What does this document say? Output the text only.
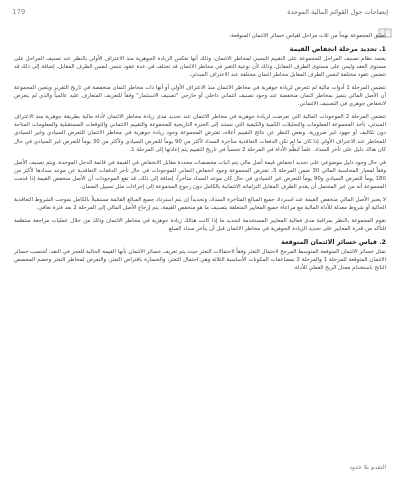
179	إيضاحات حول القوائم المالية الموحدة

تطبق المجموعة نهجاً من ثلاث مراحل لقياس خسائر الائتمان المتوقعة:

1. تحديد مرحلة انخفاض القيمة

يعتمد نظام تصنيف المراحل للمجموعة على التقييم النسبي لمخاطر الائتمان، وذلك أنها تعكس الزيادة الجوهرية منذ الاعتراف الأولي بالنظر عند تصنيف المراحل على مستوى العقد وليس على مستوى الطرف المقابل، وذلك لأن نوعية التغير في مخاطر الائتمان قد تختلف في عدة عقود تنتمي لنفس الطرف المقابل، إضافة إلى ذلك قد تتضمن عقود مختلفة لنفس الطرف المقابل مخاطر ائتمان مختلفة عند الاعتراف المبدئي.

تتضمن المرحلة 1 أدوات مالية لم تتعرض لزيادة جوهرية في مخاطر الائتمان منذ الاعتراف الأولي أو أنها ذات مخاطر ائتمان منخفضة في تاريخ التقرير ويتعين المجموعة أن الأصل المالي يتميز بمخاطر ائتمان منخفضة عند وجود تصنيف ائتماني داخلي أو خارجي "تصنيف الاستثمار" وفقاً للتعريف المتعارف عليه عالمياً والذي لم يتعرض لانخفاض جوهري في التصنيف الائتماني.

تتضمن المرحلة 2 الموجودات المالية التي تعرضت لزيادة جوهرية في مخاطر الائتمان عند تحديد مدى زيادة مخاطر الائتمان لأداة مالية بطريقة جوهرية منذ الاعتراف المبدئي، تأخذ المجموعة المعلومات والتحليلات الكمية والكيفية التي تستند إلى الخبرة التاريخية للمجموعة والتقييم الائتماني والتوقعات المستقبلية والمعلومات المتاحة دون تكاليف أو جهود غير ضرورية. وبغض النظر عن نتائج التقييم أعلاه، تفترض المجموعة وجود زيادة جوهرية في مخاطر الائتمان للتعرض السيادي وغير السيادي للمخاطر عند الاعتراف الأولي إذا كان ما لم تكن الدفعات التعاقدية متأخرة السداد لأكثر من 90 يوماً للتعرض السيادي ولأكثر من 30 يوماً للتعرض غير السيادي في حال كان هناك دليل على تأخر السداد. علماً تُنظَّم الأداة في المرحلة 2 تحسباً في تاريخ التقييم يتم إعادتها إلى المرحلة 1.

في حال وجود دليل موضوعي على تحديد انخفاض قيمة أصل مالي يتم اثبات مخصصات محددة مقابل الانخفاض في القيمة في قائمة الدخل الموحدة، ويتم تصنيف الأصل وفقاً لمعيار المحاسبة المالي 30 ضمن المرحلة 3، تفترض المجموعة وجود انخفاض ائتماني للموجودات في حال تأخر الدفعات التعاقدية عن موعد سدادها لأكثر من 180 يوماً للتعرض السيادي و90 يوماً للتعرض غير السيادي في حال كان موعد السداد متأخراً، إضافة إلى ذلك، قد تقع الموجودات أن الأصل منخفض القيمة إذا قدمت المجموعة أنه من غير المحتمل أن يقدم الطرف المقابل التزاماته الائتمانية بالكامل دون رجوع المجموعة إلى إجراءات مثل تسييل الضمان.

لا يعتبر الأصل المالي منخفض القيمة عند استرداد جميع المبالغ المتأخرة السداد، وتحديداً إن يتم استرداد جميع المبالغ القائمة مستقبلاً بالكامل بموجب الشروط التعاقدية الحالية أو شروط معدلة للأداة المالية مع مراعاة جميع المعايير المتعلقة بتصنيف ما هو منخفض القيمة، يتم إرجاع الأصل المالي إلى المرحلة 2 بعد فترة تعافي.

تقوم المجموعة بالنظر بمراقبة مدى فعالية المعايير المستخدمة لتحديد ما إذا كانت هنالك زيادة جوهرية في مخاطر الائتمان وذلك من خلال عمليات مراجعة منتظمة للتأكد من قدرة المعايير على تحديد الزيادة الجوهرية في مخاطر الائتمان قبل أن يتأخر سداد المبلغ.

2. قياس خسائر الائتمان المتوقعة

تمثل خسائر الائتمان المتوقعة المتوسط المرجح لاحتمال التعثر وفقاً لاحتمالات التعثر حيث يتم تعريف خسائر الائتمان بأنها القيمة الحالية للعجز في النقد. تُحتسب خسائر الائتمان المتوقعة للمرحلة 1 والمرحلة 2 بمضاعفات المكونات الأساسية الثلاثة وهي احتمال التعثر، والخسارة بافتراض التعثر، والتعرض لمخاطر التعثر وخصم المخصص الناتج باستخدام معدل الربح الفعلي للأداة.

التقدم بلا حدود
